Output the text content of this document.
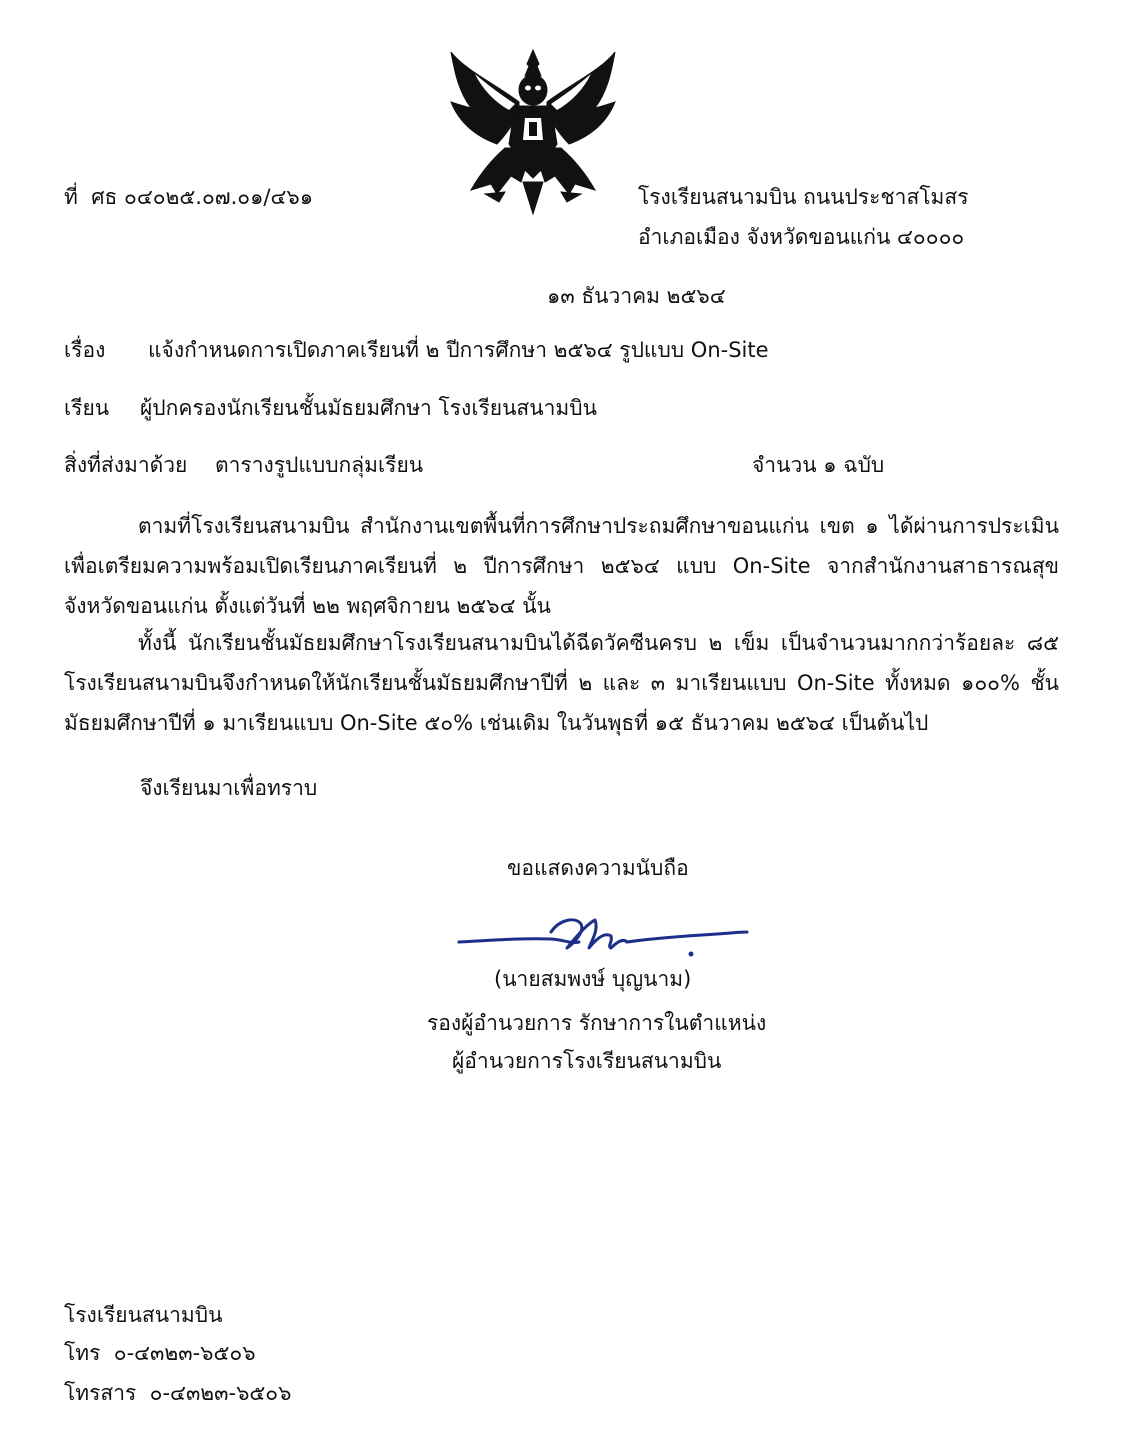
ที่ ศธ ๐๔๐๒๕.๐๗.๐๑/๔๖๑	โรงเรียนสนามบิน ถนนประชาสโมสร
อำเภอเมือง จังหวัดขอนแก่น ๔๐๐๐๐
๑๓ ธันวาคม ๒๕๖๔
เรื่อง แจ้งกำหนดการเปิดภาคเรียนที่ ๒ ปีการศึกษา ๒๕๖๔ รูปแบบ On-Site
เรียน ผู้ปกครองนักเรียนชั้นมัธยมศึกษา โรงเรียนสนามบิน
สิ่งที่ส่งมาด้วย ตารางรูปแบบกลุ่มเรียน	จำนวน ๑ ฉบับ
ตามที่โรงเรียนสนามบิน สำนักงานเขตพื้นที่การศึกษาประถมศึกษาขอนแก่น เขต ๑ ได้ผ่านการประเมินเพื่อเตรียมความพร้อมเปิดเรียนภาคเรียนที่ ๒ ปีการศึกษา ๒๕๖๔ แบบ On-Site จากสำนักงานสาธารณสุขจังหวัดขอนแก่น ตั้งแต่วันที่ ๒๒ พฤศจิกายน ๒๕๖๔ นั้น
ทั้งนี้ นักเรียนชั้นมัธยมศึกษาโรงเรียนสนามบินได้ฉีดวัคซีนครบ ๒ เข็ม เป็นจำนวนมากกว่าร้อยละ ๘๕ โรงเรียนสนามบินจึงกำหนดให้นักเรียนชั้นมัธยมศึกษาปีที่ ๒ และ ๓ มาเรียนแบบ On-Site ทั้งหมด ๑๐๐% ชั้นมัธยมศึกษาปีที่ ๑ มาเรียนแบบ On-Site ๕๐% เช่นเดิม ในวันพุธที่ ๑๕ ธันวาคม ๒๕๖๔ เป็นต้นไป
จึงเรียนมาเพื่อทราบ
ขอแสดงความนับถือ
(นายสมพงษ์ บุญนาม)
รองผู้อำนวยการ รักษาการในตำแหน่ง
ผู้อำนวยการโรงเรียนสนามบิน
โรงเรียนสนามบิน
โทร ๐-๔๓๒๓-๖๕๐๖
โทรสาร ๐-๔๓๒๓-๖๕๐๖
